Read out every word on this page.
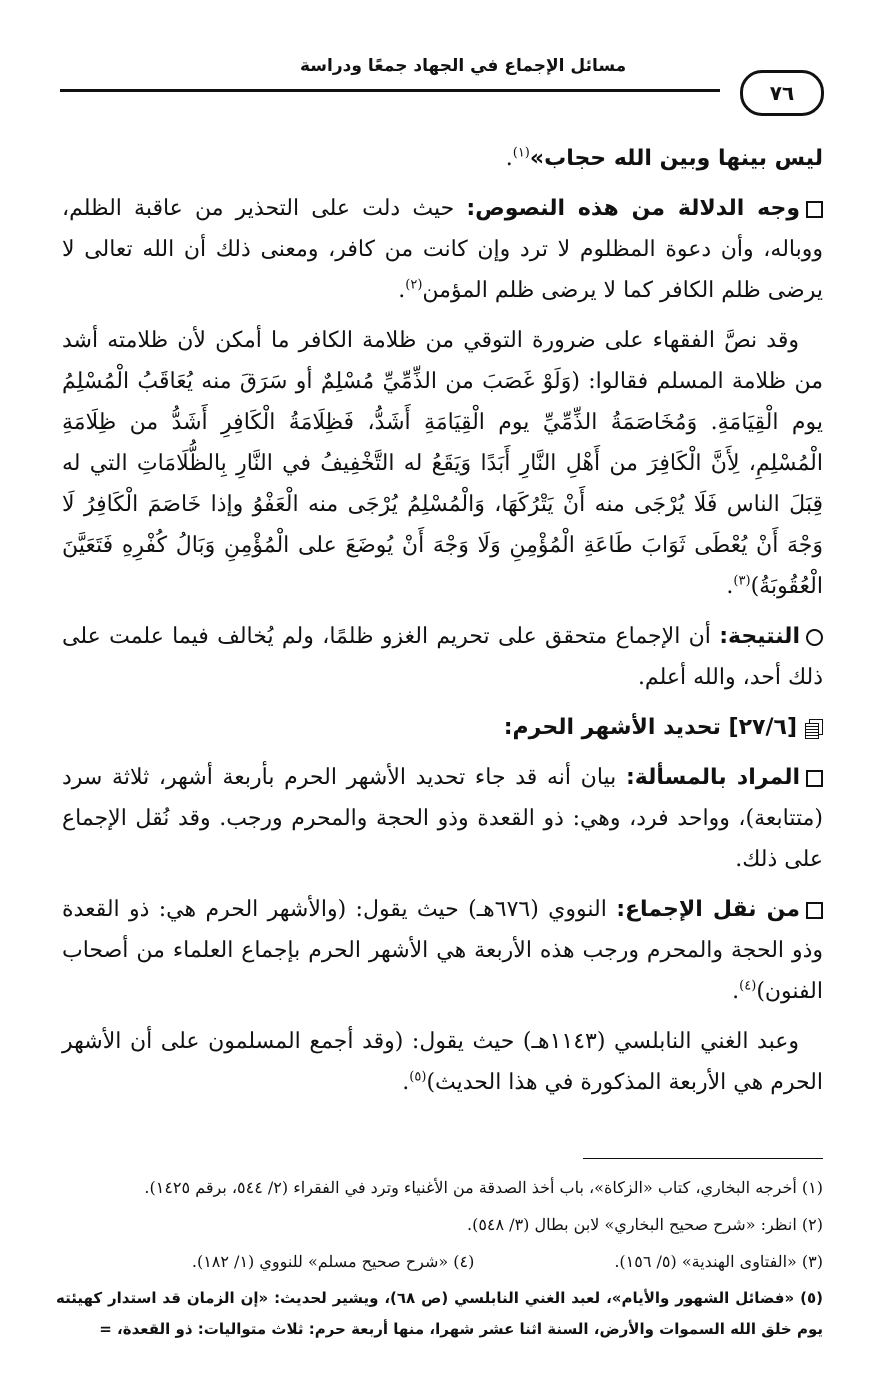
مسائل الإجماع في الجهاد جمعًا ودراسة
٧٦

ليس بينها وبين الله حجاب»$^{(١)}$.

وجه الدلالة من هذه النصوص: حيث دلت على التحذير من عاقبة الظلم، ووباله، وأن دعوة المظلوم لا ترد وإن كانت من كافر، ومعنى ذلك أن الله تعالى لا يرضى ظلم الكافر كما لا يرضى ظلم المؤمن$^{(٢)}$.

وقد نصَّ الفقهاء على ضرورة التوقي من ظلامة الكافر ما أمكن لأن ظلامته أشد من ظلامة المسلم فقالوا: (وَلَوْ غَصَبَ من الذِّمِّيِّ مُسْلِمٌ أو سَرَقَ منه يُعَاقَبُ الْمُسْلِمُ يوم الْقِيَامَةِ. وَمُخَاصَمَةُ الذِّمِّيِّ يوم الْقِيَامَةِ أَشَدُّ، فَظِلَامَةُ الْكَافِرِ أَشَدُّ من ظِلَامَةِ الْمُسْلِمِ، لِأَنَّ الْكَافِرَ من أَهْلِ النَّارِ أَبَدًا وَيَقَعُ له التَّخْفِيفُ في النَّارِ بِالظُّلَامَاتِ التي له قِبَلَ الناس فَلَا يُرْجَى منه أَنْ يَتْرُكَهَا، وَالْمُسْلِمُ يُرْجَى منه الْعَفْوُ وإذا خَاصَمَ الْكَافِرُ لَا وَجْهَ أَنْ يُعْطَى ثَوَابَ طَاعَةِ الْمُؤْمِنِ وَلَا وَجْهَ أَنْ يُوضَعَ على الْمُؤْمِنِ وَبَالُ كُفْرِهِ فَتَعَيَّنَ الْعُقُوبَةُ)$^{(٣)}$.

النتيجة: أن الإجماع متحقق على تحريم الغزو ظلمًا، ولم يُخالف فيما علمت على ذلك أحد، والله أعلم.

[٢٧/٦] تحديد الأشهر الحرم:

المراد بالمسألة: بيان أنه قد جاء تحديد الأشهر الحرم بأربعة أشهر، ثلاثة سرد (متتابعة)، وواحد فرد، وهي: ذو القعدة وذو الحجة والمحرم ورجب. وقد نُقل الإجماع على ذلك.

من نقل الإجماع: النووي (٦٧٦هـ) حيث يقول: (والأشهر الحرم هي: ذو القعدة وذو الحجة والمحرم ورجب هذه الأربعة هي الأشهر الحرم بإجماع العلماء من أصحاب الفنون)$^{(٤)}$.

وعبد الغني النابلسي (١١٤٣هـ) حيث يقول: (وقد أجمع المسلمون على أن الأشهر الحرم هي الأربعة المذكورة في هذا الحديث)$^{(٥)}$.

(١) أخرجه البخاري، كتاب «الزكاة»، باب أخذ الصدقة من الأغنياء وترد في الفقراء (٢/ ٥٤٤، برقم ١٤٢٥).

(٢) انظر: «شرح صحيح البخاري» لابن بطال (٣/ ٥٤٨).

(٣) «الفتاوى الهندية» (٥/ ١٥٦).
(٤) «شرح صحيح مسلم» للنووي (١/ ١٨٢).

(٥) «فضائل الشهور والأيام»، لعبد الغني النابلسي (ص ٦٨)، ويشير لحديث: «إن الزمان قد استدار كهيئته يوم خلق الله السموات والأرض، السنة اثنا عشر شهرا، منها أربعة حرم: ثلاث متواليات: ذو القعدة، =
